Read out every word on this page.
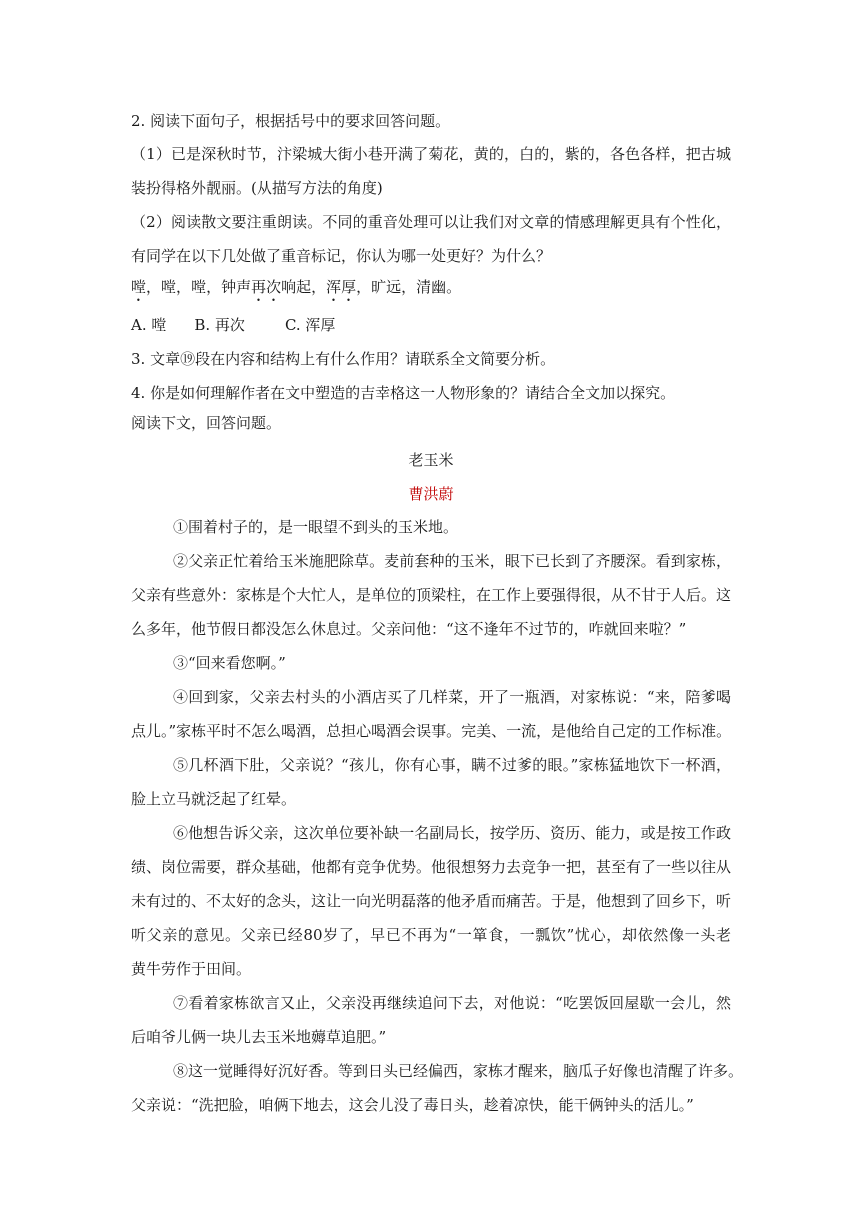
2. 阅读下面句子，根据括号中的要求回答问题。
（1）已是深秋时节，汴梁城大街小巷开满了菊花，黄的，白的，紫的，各色各样，把古城
装扮得格外靓丽。(从描写方法的角度)
（2）阅读散文要注重朗读。不同的重音处理可以让我们对文章的情感理解更具有个性化，
有同学在以下几处做了重音标记，你认为哪一处更好？为什么？
嘡，嘡，嘡，钟声再次响起，浑厚，旷远，清幽。
A. 嘡 B. 再次	C. 浑厚
3. 文章⑲段在内容和结构上有什么作用？请联系全文简要分析。
4. 你是如何理解作者在文中塑造的吉幸格这一人物形象的？请结合全文加以探究。
阅读下文，回答问题。
老玉米
曹洪蔚
①围着村子的，是一眼望不到头的玉米地。
②父亲正忙着给玉米施肥除草。麦前套种的玉米，眼下已长到了齐腰深。看到家栋，
父亲有些意外：家栋是个大忙人，是单位的顶梁柱，在工作上要强得很，从不甘于人后。这
么多年，他节假日都没怎么休息过。父亲问他：“这不逢年不过节的，咋就回来啦？”
③“回来看您啊。”
④回到家，父亲去村头的小酒店买了几样菜，开了一瓶酒，对家栋说：“来，陪爹喝
点儿。”家栋平时不怎么喝酒，总担心喝酒会误事。完美、一流，是他给自己定的工作标准。
⑤几杯酒下肚，父亲说？“孩儿，你有心事，瞒不过爹的眼。”家栋猛地饮下一杯酒，
脸上立马就泛起了红晕。
⑥他想告诉父亲，这次单位要补缺一名副局长，按学历、资历、能力，或是按工作政
绩、岗位需要，群众基础，他都有竞争优势。他很想努力去竞争一把，甚至有了一些以往从
未有过的、不太好的念头，这让一向光明磊落的他矛盾而痛苦。于是，他想到了回乡下，听
听父亲的意见。父亲已经80岁了，早已不再为“一箪食，一瓢饮”忧心，却依然像一头老
黄牛劳作于田间。
⑦看着家栋欲言又止，父亲没再继续追问下去，对他说：“吃罢饭回屋歇一会儿，然
后咱爷儿俩一块儿去玉米地薅草追肥。”
⑧这一觉睡得好沉好香。等到日头已经偏西，家栋才醒来，脑瓜子好像也清醒了许多。
父亲说：“洗把脸，咱俩下地去，这会儿没了毒日头，趁着凉快，能干俩钟头的活儿。”
